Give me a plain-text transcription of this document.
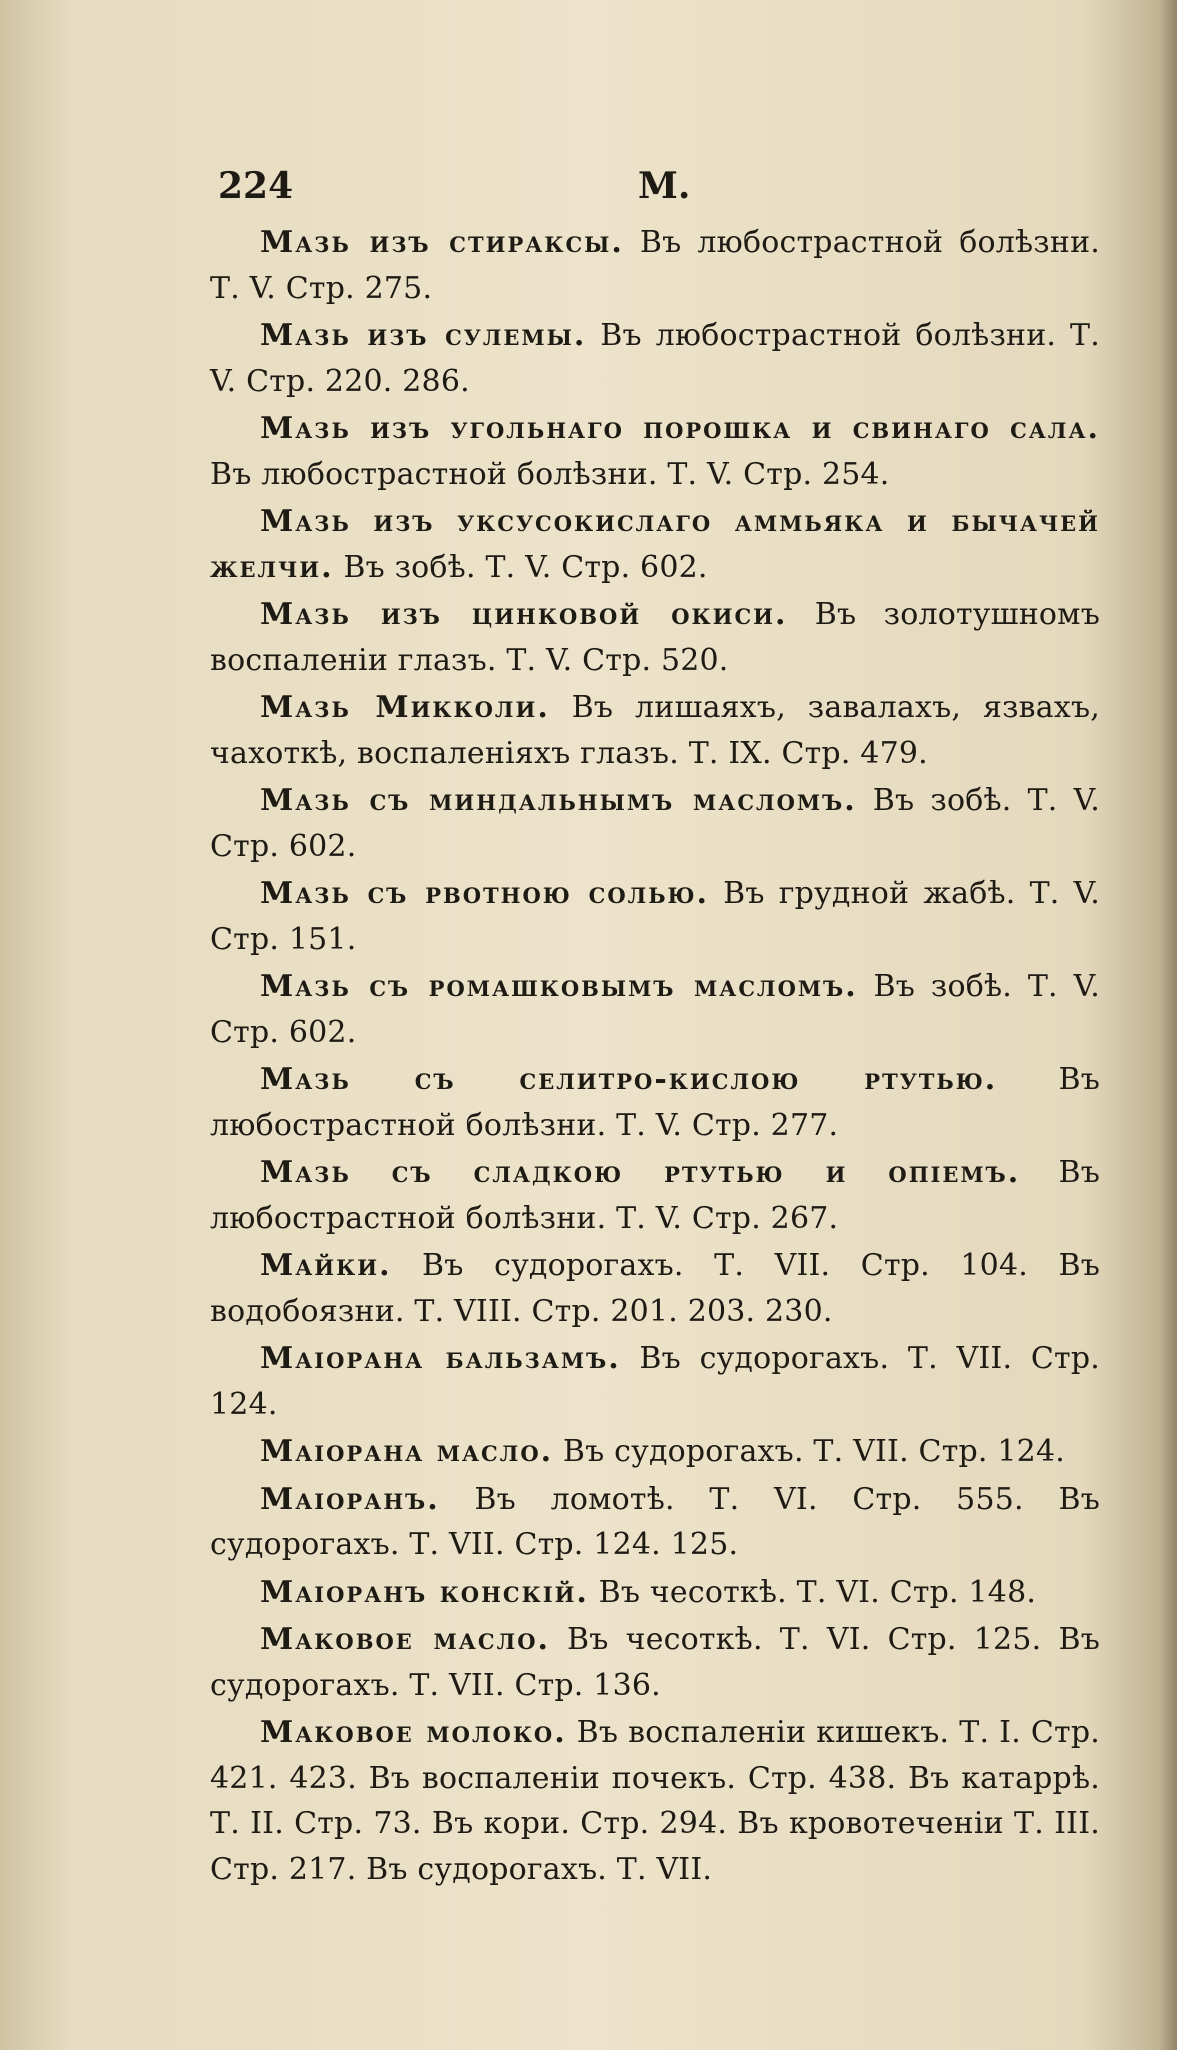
224	М.

Мазь изъ стираксы. Въ любострастной болѣзни. Т. V. Стр. 275.

Мазь изъ сулемы. Въ любострастной болѣзни. Т. V. Стр. 220. 286.

Мазь изъ угольнаго порошка и свинаго сала. Въ любострастной болѣзни. Т. V. Стр. 254.

Мазь изъ уксусокислаго аммьяка и бычачей желчи. Въ зобѣ. Т. V. Стр. 602.

Мазь изъ цинковой окиси. Въ золотушномъ воспаленіи глазъ. Т. V. Стр. 520.

Мазь Микколи. Въ лишаяхъ, завалахъ, язвахъ, чахоткѣ, воспаленіяхъ глазъ. Т. IX. Стр. 479.

Мазь съ миндальнымъ масломъ. Въ зобѣ. Т. V. Стр. 602.

Мазь съ рвотною солью. Въ грудной жабѣ. Т. V. Стр. 151.

Мазь съ ромашковымъ масломъ. Въ зобѣ. Т. V. Стр. 602.

Мазь съ селитро-кислою ртутью. Въ любострастной болѣзни. Т. V. Стр. 277.

Мазь съ сладкою ртутью и опіемъ. Въ любострастной болѣзни. Т. V. Стр. 267.

Майки. Въ судорогахъ. Т. VII. Стр. 104. Въ водобоязни. Т. VIII. Стр. 201. 203. 230.

Маіорана бальзамъ. Въ судорогахъ. Т. VII. Стр. 124.

Маіорана масло. Въ судорогахъ. Т. VII. Стр. 124.

Маіоранъ. Въ ломотѣ. Т. VI. Стр. 555. Въ судорогахъ. Т. VII. Стр. 124. 125.

Маіоранъ конскій. Въ чесоткѣ. Т. VI. Стр. 148.

Маковое масло. Въ чесоткѣ. Т. VI. Стр. 125. Въ судорогахъ. Т. VII. Стр. 136.

Маковое молоко. Въ воспаленіи кишекъ. Т. I. Стр. 421. 423. Въ воспаленіи почекъ. Стр. 438. Въ катаррѣ. Т. II. Стр. 73. Въ кори. Стр. 294. Въ кровотеченіи Т. III. Стр. 217. Въ судорогахъ. Т. VII.
